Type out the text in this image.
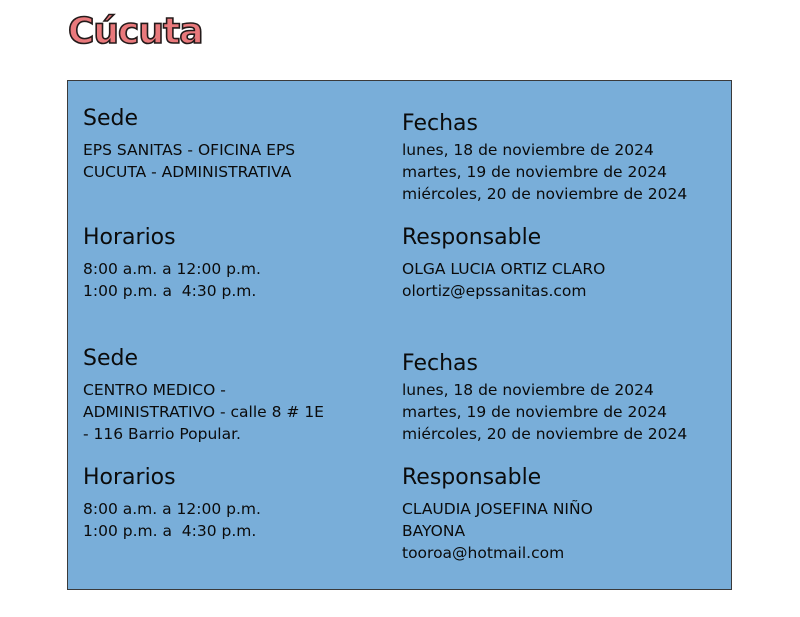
Cúcuta
Sede
EPS SANITAS - OFICINA EPS
CUCUTA - ADMINISTRATIVA
Fechas
lunes, 18 de noviembre de 2024
martes, 19 de noviembre de 2024
miércoles, 20 de noviembre de 2024
Horarios
8:00 a.m. a 12:00 p.m.
1:00 p.m. a  4:30 p.m.
Responsable
OLGA LUCIA ORTIZ CLARO
olortiz@epssanitas.com
Sede
CENTRO MEDICO -
ADMINISTRATIVO - calle 8 # 1E
- 116 Barrio Popular.
Fechas
lunes, 18 de noviembre de 2024
martes, 19 de noviembre de 2024
miércoles, 20 de noviembre de 2024
Horarios
8:00 a.m. a 12:00 p.m.
1:00 p.m. a  4:30 p.m.
Responsable
CLAUDIA JOSEFINA NIÑO
BAYONA
tooroa@hotmail.com
